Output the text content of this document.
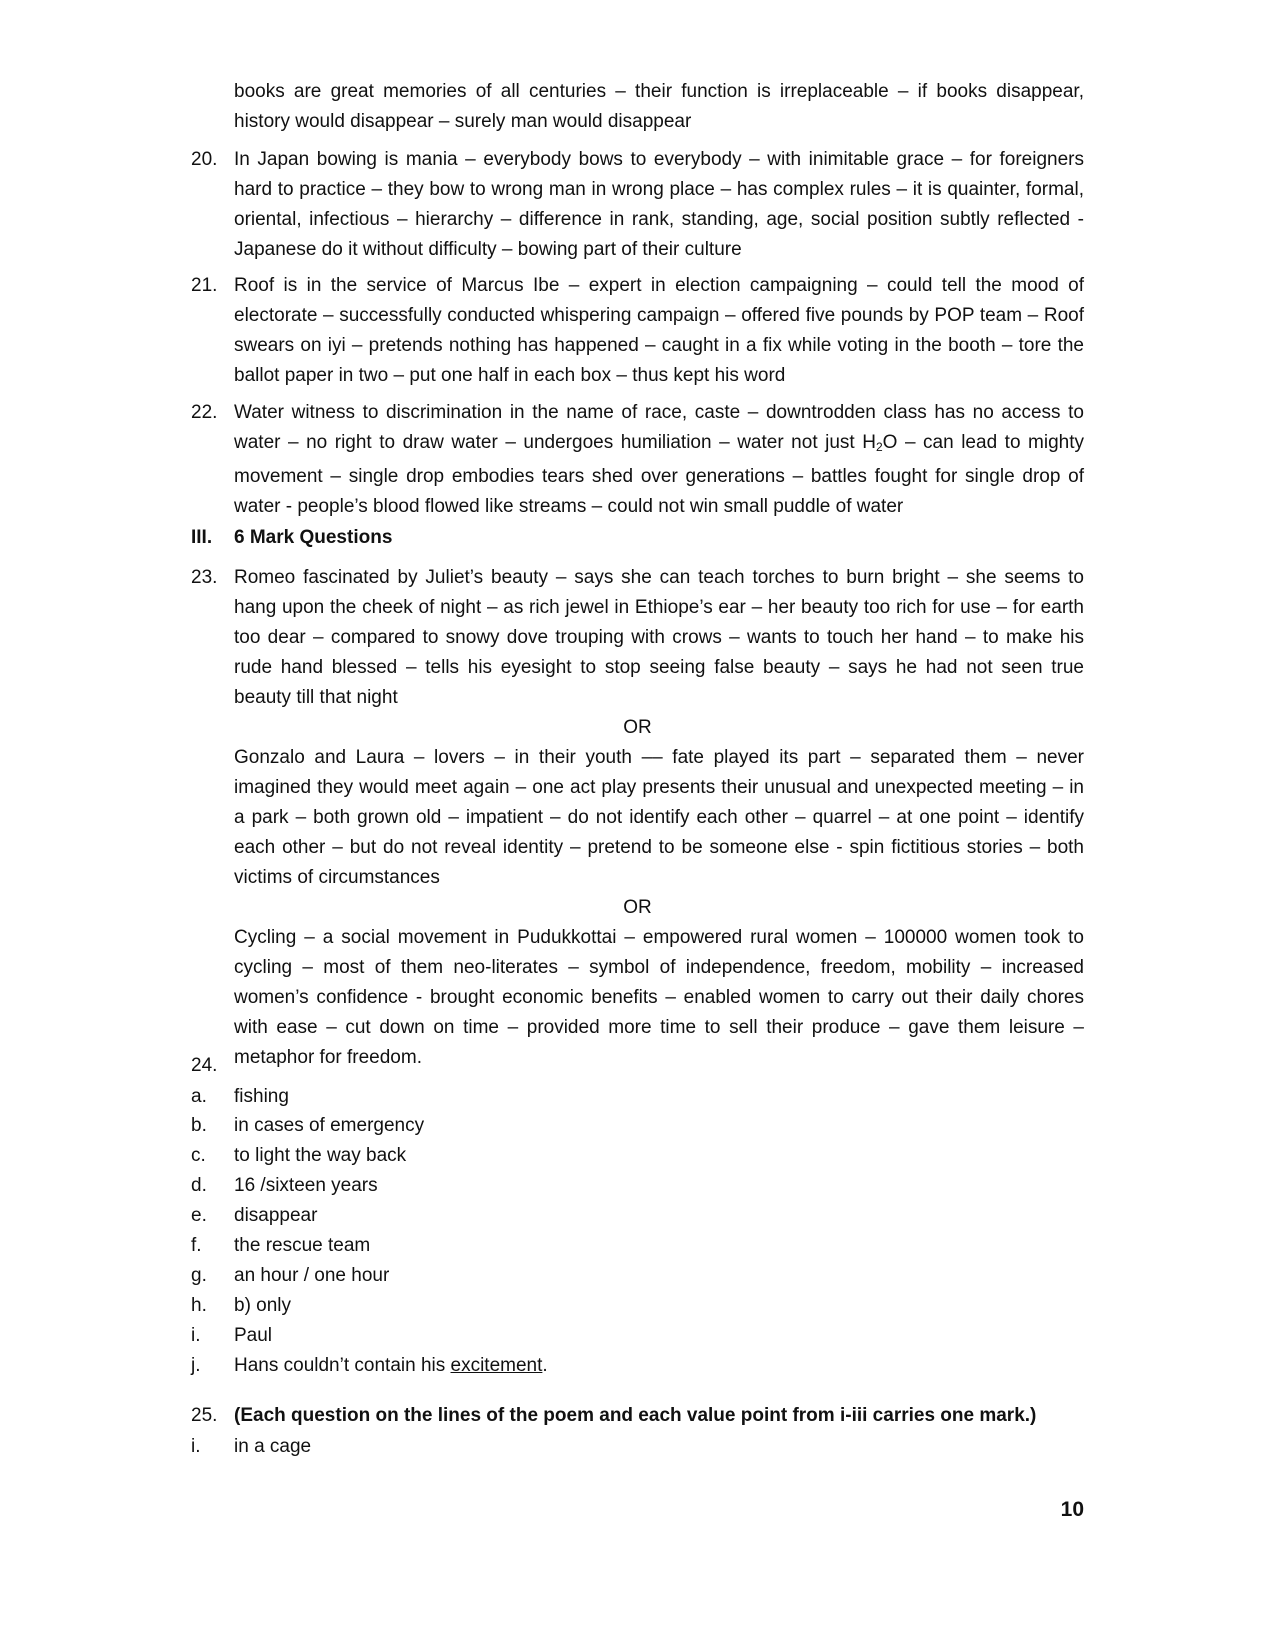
books are great memories of all centuries – their function is irreplaceable – if books disappear, history would disappear – surely man would disappear
20. In Japan bowing is mania – everybody bows to everybody – with inimitable grace – for foreigners hard to practice – they bow to wrong man in wrong place – has complex rules – it is quainter, formal, oriental, infectious – hierarchy – difference in rank, standing, age, social position subtly reflected - Japanese do it without difficulty – bowing part of their culture
21. Roof is in the service of Marcus Ibe – expert in election campaigning – could tell the mood of electorate – successfully conducted whispering campaign – offered five pounds by POP team – Roof swears on iyi – pretends nothing has happened – caught in a fix while voting in the booth – tore the ballot paper in two – put one half in each box – thus kept his word
22. Water witness to discrimination in the name of race, caste – downtrodden class has no access to water – no right to draw water – undergoes humiliation – water not just $H_2O$ – can lead to mighty movement – single drop embodies tears shed over generations – battles fought for single drop of water - people’s blood flowed like streams – could not win small puddle of water
III.	6 Mark Questions
23. Romeo fascinated by Juliet’s beauty – says she can teach torches to burn bright – she seems to hang upon the cheek of night – as rich jewel in Ethiope’s ear – her beauty too rich for use – for earth too dear – compared to snowy dove trouping with crows – wants to touch her hand – to make his rude hand blessed – tells his eyesight to stop seeing false beauty – says he had not seen true beauty till that night
OR
Gonzalo and Laura – lovers – in their youth –– fate played its part – separated them – never imagined they would meet again – one act play presents their unusual and unexpected meeting – in a park – both grown old – impatient – do not identify each other – quarrel – at one point – identify each other – but do not reveal identity – pretend to be someone else - spin fictitious stories – both victims of circumstances
OR
Cycling – a social movement in Pudukkottai – empowered rural women – 100000 women took to cycling – most of them neo-literates – symbol of independence, freedom, mobility – increased women’s confidence - brought economic benefits – enabled women to carry out their daily chores with ease – cut down on time – provided more time to sell their produce – gave them leisure – metaphor for freedom.
24.
a.	fishing
b.	in cases of emergency
c.	to light the way back
d.	16 /sixteen years
e.	disappear
f.	the rescue team
g.	an hour / one hour
h.	b) only
i.	Paul
j.	Hans couldn’t contain his excitement.
25. (Each question on the lines of the poem and each value point from i-iii carries one mark.)
i.	in a cage
10
